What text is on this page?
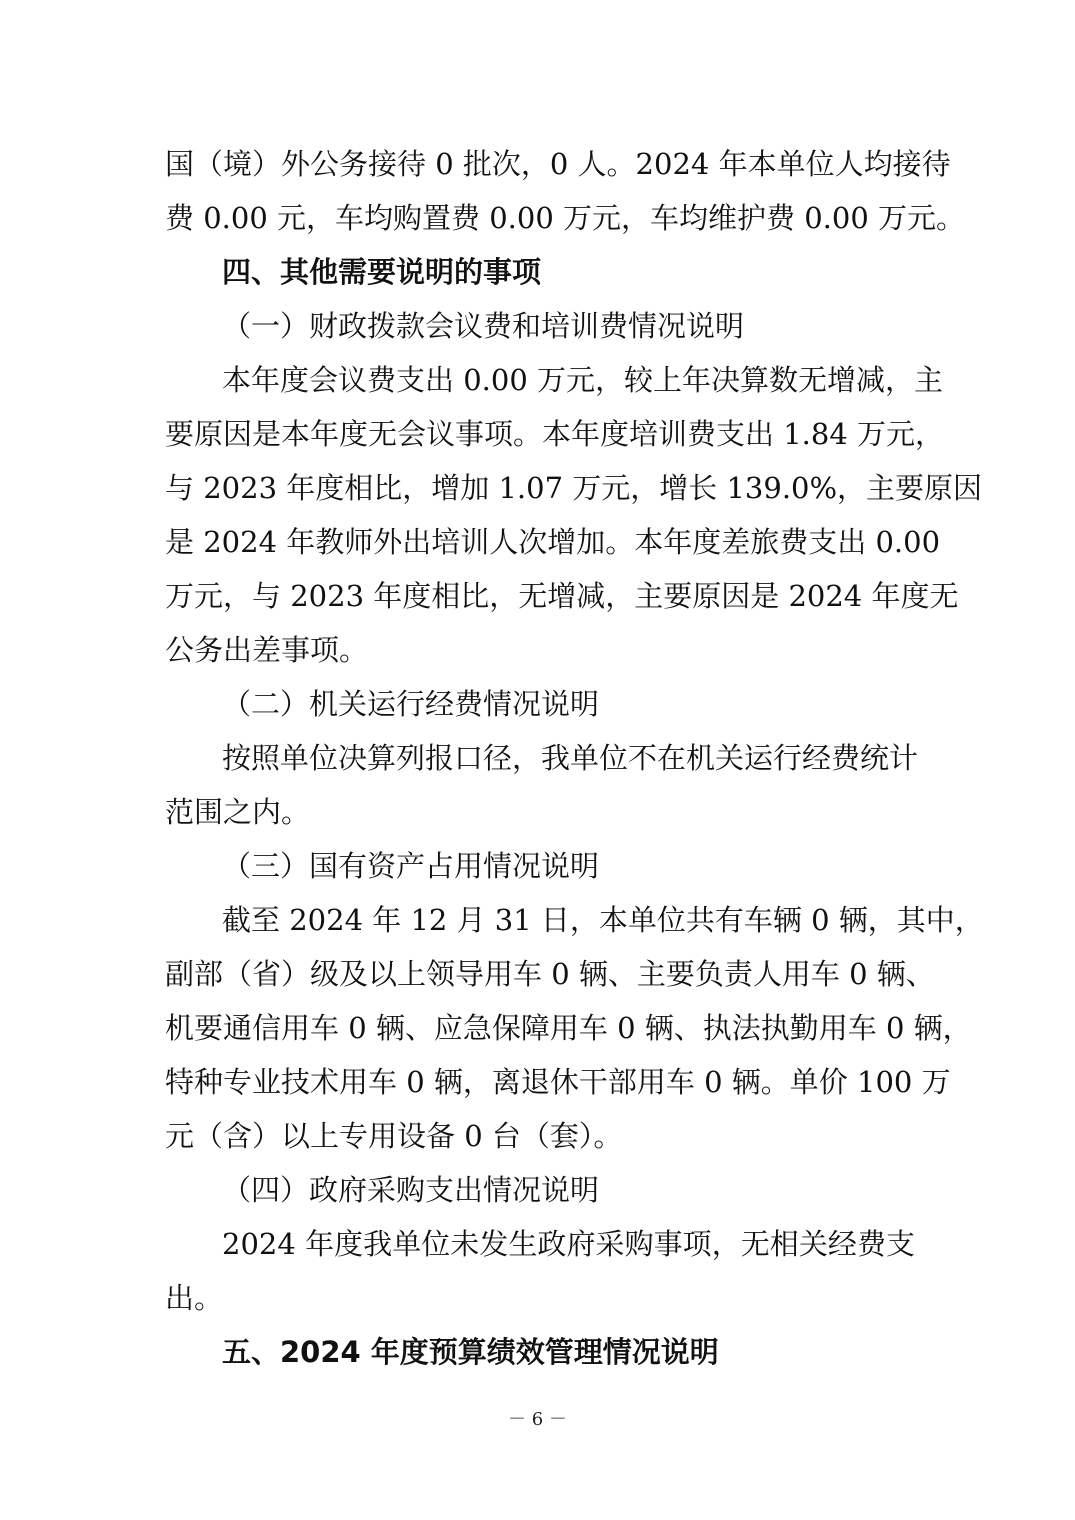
国（境）外公务接待 0 批次，0 人。2024 年本单位人均接待
费 0.00 元，车均购置费 0.00 万元，车均维护费 0.00 万元。
四、其他需要说明的事项
（一）财政拨款会议费和培训费情况说明
本年度会议费支出 0.00 万元，较上年决算数无增减，主
要原因是本年度无会议事项。本年度培训费支出 1.84 万元，
与 2023 年度相比，增加 1.07 万元，增长 139.0%，主要原因
是 2024 年教师外出培训人次增加。本年度差旅费支出 0.00
万元，与 2023 年度相比，无增减，主要原因是 2024 年度无
公务出差事项。
（二）机关运行经费情况说明
按照单位决算列报口径，我单位不在机关运行经费统计
范围之内。
（三）国有资产占用情况说明
截至 2024 年 12 月 31 日，本单位共有车辆 0 辆，其中，
副部（省）级及以上领导用车 0 辆、主要负责人用车 0 辆、
机要通信用车 0 辆、应急保障用车 0 辆、执法执勤用车 0 辆，
特种专业技术用车 0 辆，离退休干部用车 0 辆。单价 100 万
元（含）以上专用设备 0 台（套）。
（四）政府采购支出情况说明
2024 年度我单位未发生政府采购事项，无相关经费支
出。
五、2024 年度预算绩效管理情况说明
－ 6 －
